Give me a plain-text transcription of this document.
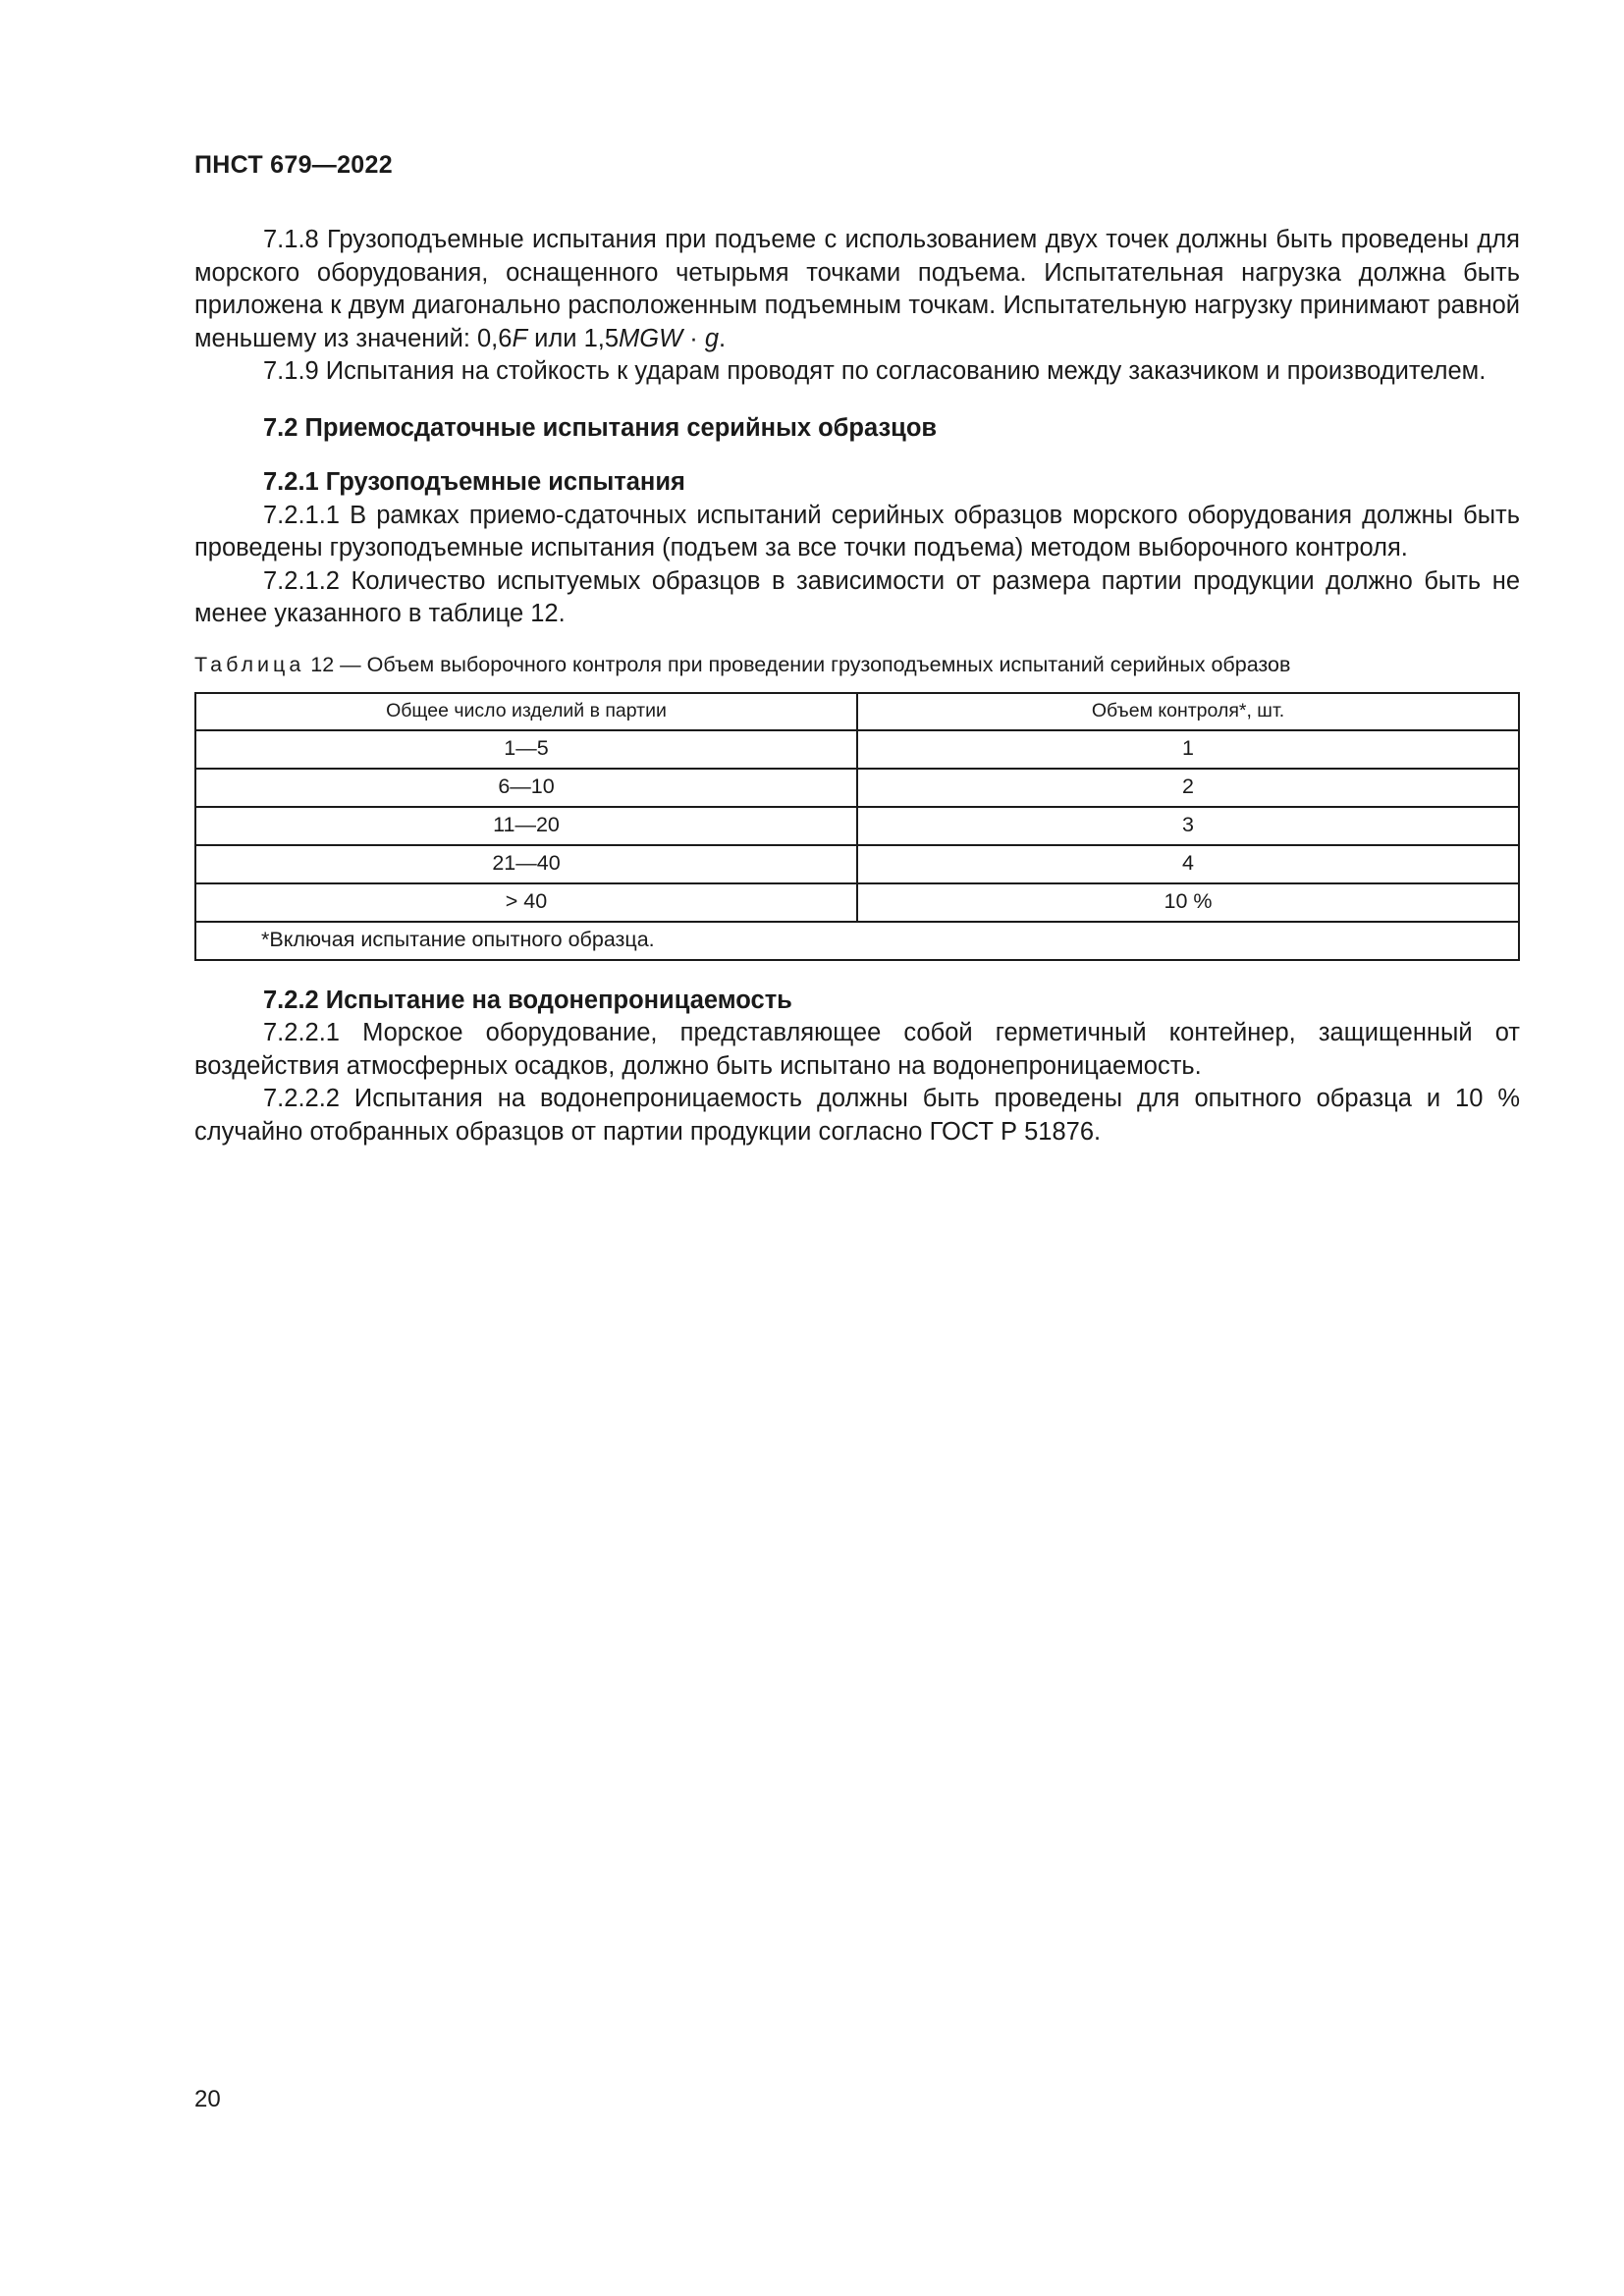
ПНСТ 679—2022

7.1.8 Грузоподъемные испытания при подъеме с использованием двух точек должны быть проведены для морского оборудования, оснащенного четырьмя точками подъема. Испытательная нагрузка должна быть приложена к двум диагонально расположенным подъемным точкам. Испытательную нагрузку принимают равной меньшему из значений: 0,6F или 1,5MGW · g.

7.1.9 Испытания на стойкость к ударам проводят по согласованию между заказчиком и производителем.

7.2 Приемосдаточные испытания серийных образцов
7.2.1 Грузоподъемные испытания

7.2.1.1 В рамках приемо-сдаточных испытаний серийных образцов морского оборудования должны быть проведены грузоподъемные испытания (подъем за все точки подъема) методом выборочного контроля.

7.2.1.2 Количество испытуемых образцов в зависимости от размера партии продукции должно быть не менее указанного в таблице 12.

Таблица 12 — Объем выборочного контроля при проведении грузоподъемных испытаний серийных образов
Общее число изделий в партии	Объем контроля*, шт.
1—5	1
6—10	2
11—20	3
21—40	4
> 40	10 %
*Включая испытание опытного образца.	
7.2.2 Испытание на водонепроницаемость

7.2.2.1 Морское оборудование, представляющее собой герметичный контейнер, защищенный от воздействия атмосферных осадков, должно быть испытано на водонепроницаемость.

7.2.2.2 Испытания на водонепроницаемость должны быть проведены для опытного образца и 10 % случайно отобранных образцов от партии продукции согласно ГОСТ Р 51876.

20
